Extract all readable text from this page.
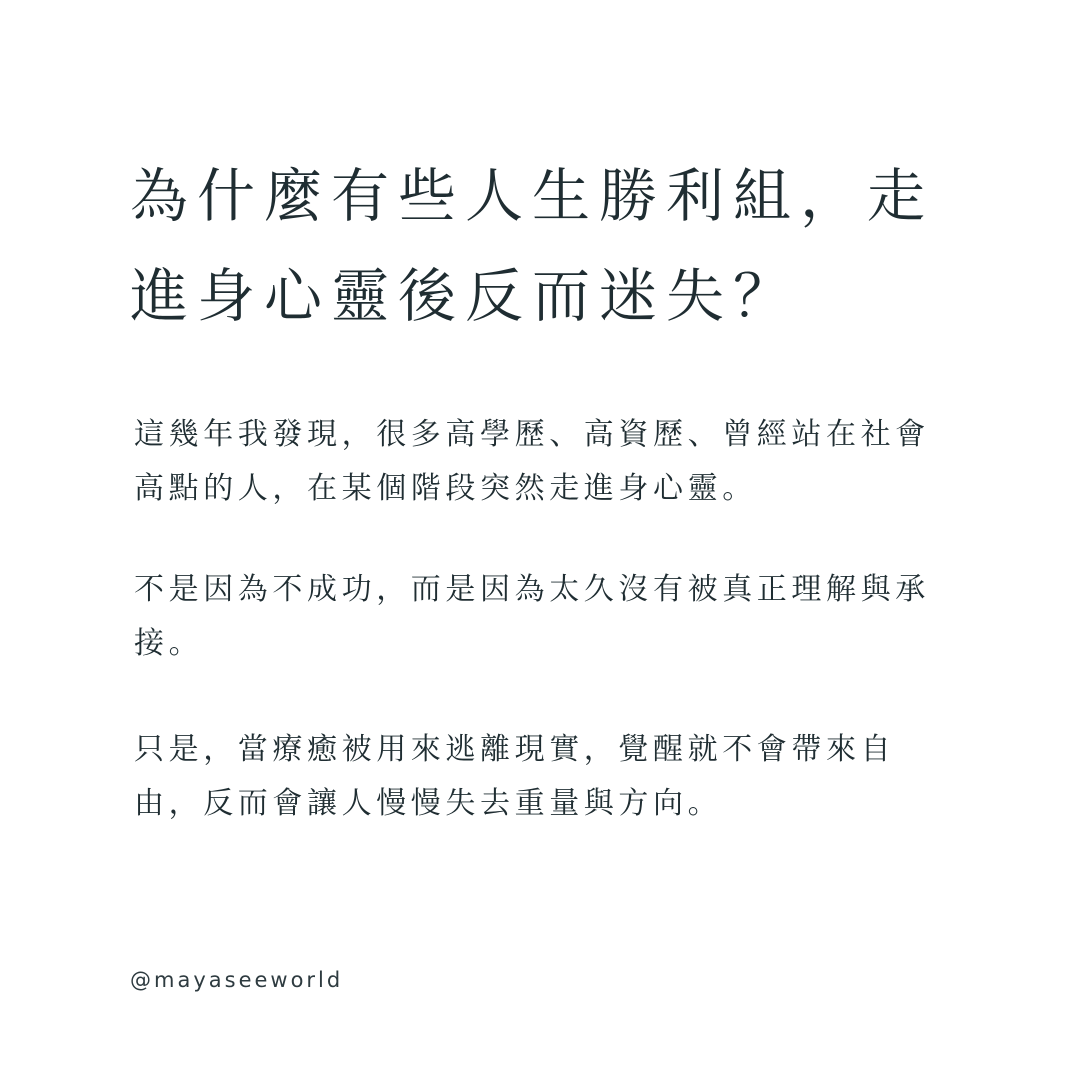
為什麼有些人生勝利組，走
進身心靈後反而迷失？

這幾年我發現，很多高學歷、高資歷、曾經站在社會
高點的人，在某個階段突然走進身心靈。

不是因為不成功，而是因為太久沒有被真正理解與承
接。

只是，當療癒被用來逃離現實，覺醒就不會帶來自
由，反而會讓人慢慢失去重量與方向。

@mayaseeworld
